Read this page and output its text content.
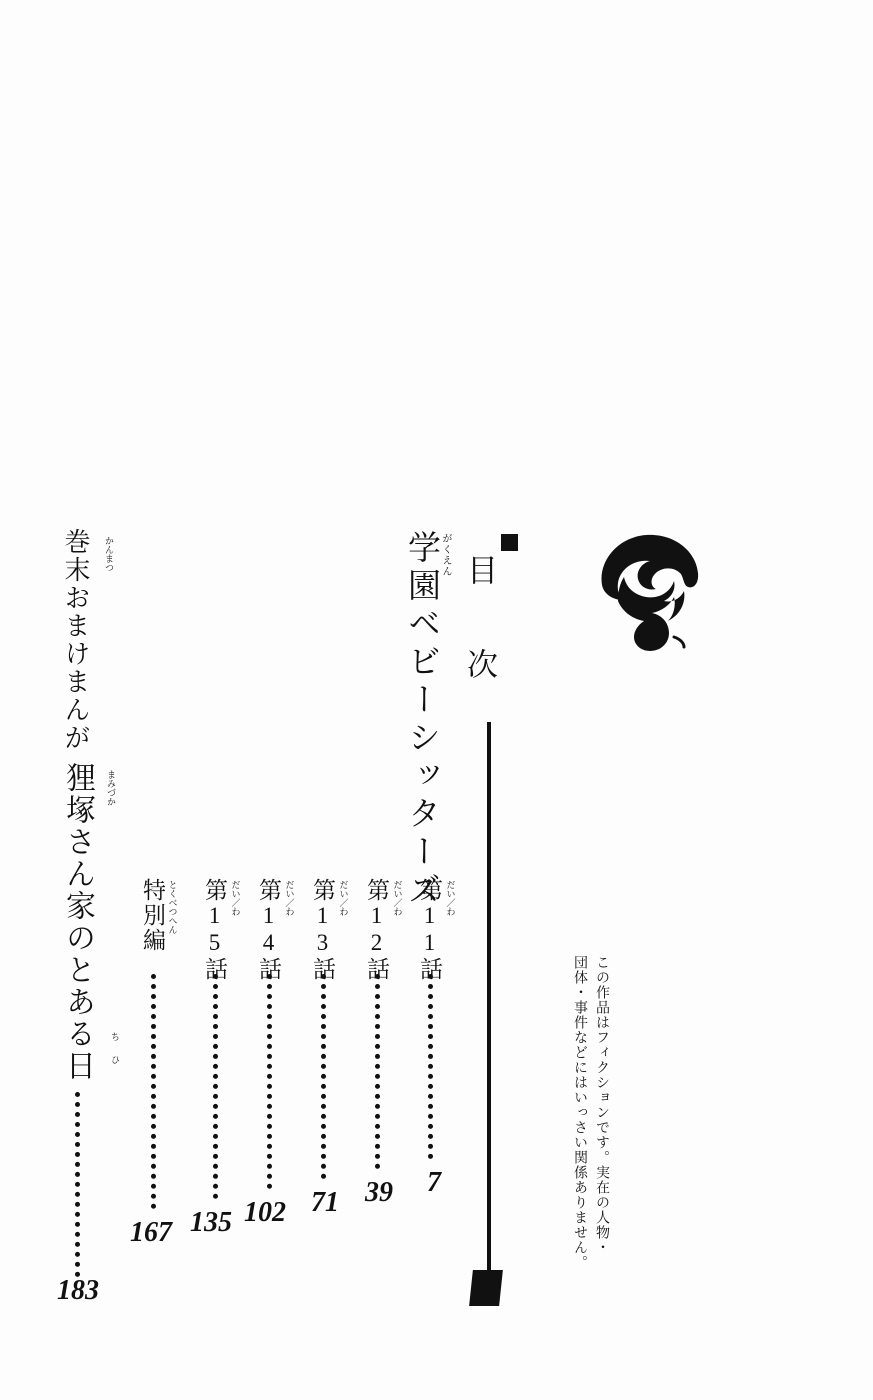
目 次
学園ベビーシッターズ がくえん
第11話 だい／わ
7
第12話 だい／わ
39
第13話 だい／わ
71
第14話 だい／わ
102
第15話 だい／わ
135
特別編 とくべつへん
167
巻末おまけまんが かんまつ
狸塚さん家のとある日 まみづか
ち
ひ
183
この作品はフィクションです。実在の人物・
団体・事件などにはいっさい関係ありません。
